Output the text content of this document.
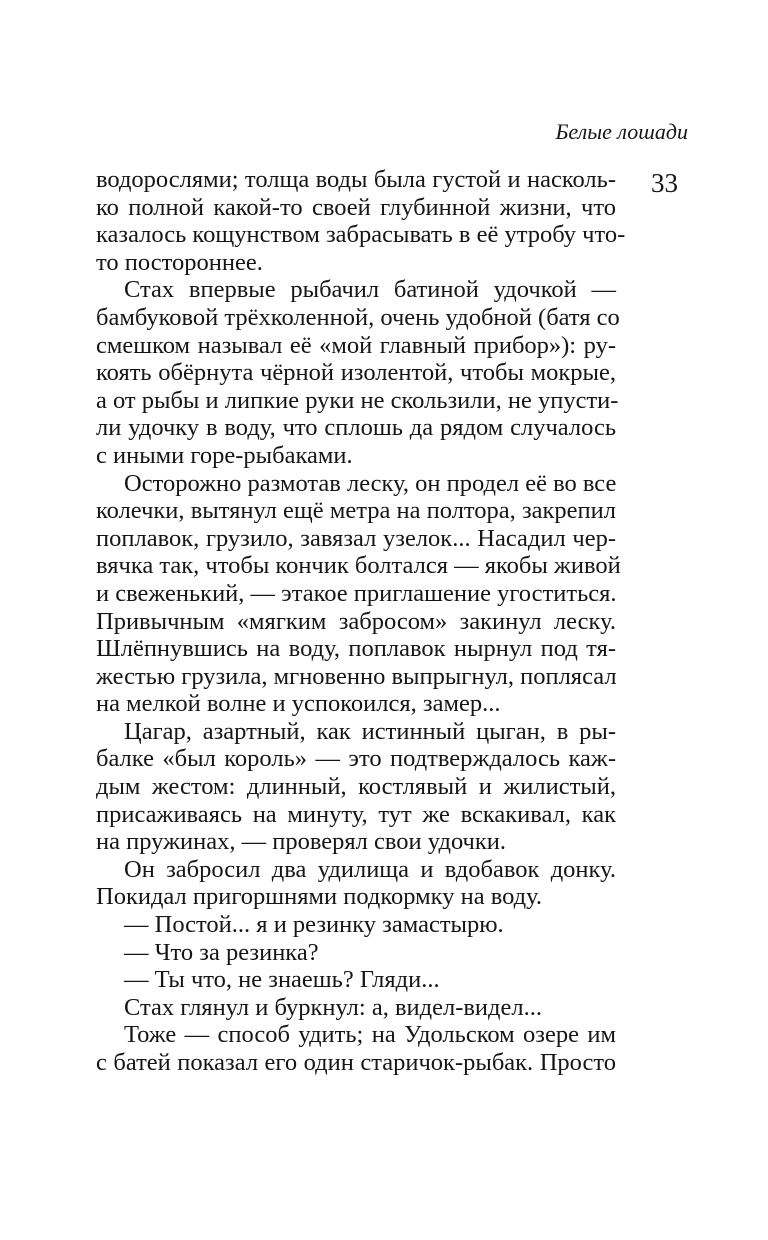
Белые лошади
33
водорослями; толща воды была густой и насколь-
ко полной какой-то своей глубинной жизни, что
казалось кощунством забрасывать в её утробу что-
то постороннее.
Стах впервые рыбачил батиной удочкой —
бамбуковой трёхколенной, очень удобной (батя со
смешком называл её «мой главный прибор»): ру-
коять обёрнута чёрной изолентой, чтобы мокрые,
а от рыбы и липкие руки не скользили, не упусти-
ли удочку в воду, что сплошь да рядом случалось
с иными горе-рыбаками.
Осторожно размотав леску, он продел её во все
колечки, вытянул ещё метра на полтора, закрепил
поплавок, грузило, завязал узелок... Насадил чер-
вячка так, чтобы кончик болтался — якобы живой
и свеженький, — этакое приглашение угоститься.
Привычным «мягким забросом» закинул леску.
Шлёпнувшись на воду, поплавок нырнул под тя-
жестью грузила, мгновенно выпрыгнул, поплясал
на мелкой волне и успокоился, замер...
Цагар, азартный, как истинный цыган, в ры-
балке «был король» — это подтверждалось каж-
дым жестом: длинный, костлявый и жилистый,
присаживаясь на минуту, тут же вскакивал, как
на пружинах, — проверял свои удочки.
Он забросил два удилища и вдобавок донку.
Покидал пригоршнями подкормку на воду.
— Постой... я и резинку замастырю.
— Что за резинка?
— Ты что, не знаешь? Гляди...
Стах глянул и буркнул: а, видел-видел...
Тоже — способ удить; на Удольском озере им
с батей показал его один старичок-рыбак. Просто
